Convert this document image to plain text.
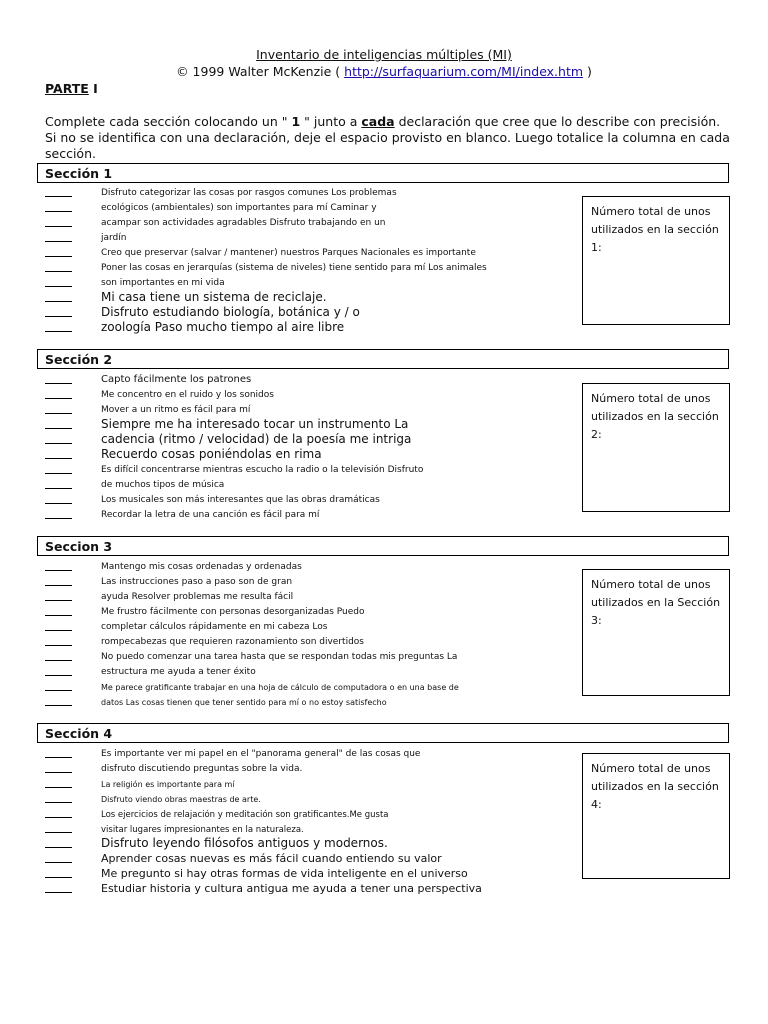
Inventario de inteligencias múltiples (MI)
© 1999 Walter McKenzie ( http://surfaquarium.com/MI/index.htm )
PARTE I
Complete cada sección colocando un " 1 " junto a cada declaración que cree que lo describe con precisión. Si no se identifica con una declaración, deje el espacio provisto en blanco. Luego totalice la columna en cada sección.
Sección 1
Número total de unos utilizados en la sección 1:
Disfruto categorizar las cosas por rasgos comunes Los problemas
ecológicos (ambientales) son importantes para mí Caminar y
acampar son actividades agradables Disfruto trabajando en un
jardín
Creo que preservar (salvar / mantener) nuestros Parques Nacionales es importante
Poner las cosas en jerarquías (sistema de niveles) tiene sentido para mí Los animales
son importantes en mi vida
Mi casa tiene un sistema de reciclaje.
Disfruto estudiando biología, botánica y / o
zoología Paso mucho tiempo al aire libre
Sección 2
Número total de unos utilizados en la sección 2:
Capto fácilmente los patrones
Me concentro en el ruido y los sonidos
Mover a un ritmo es fácil para mí
Siempre me ha interesado tocar un instrumento La
cadencia (ritmo / velocidad) de la poesía me intriga
Recuerdo cosas poniéndolas en rima
Es difícil concentrarse mientras escucho la radio o la televisión Disfruto
de muchos tipos de música
Los musicales son más interesantes que las obras dramáticas
Recordar la letra de una canción es fácil para mí
Seccion 3
Número total de unos utilizados en la Sección 3:
Mantengo mis cosas ordenadas y ordenadas
Las instrucciones paso a paso son de gran
ayuda Resolver problemas me resulta fácil
Me frustro fácilmente con personas desorganizadas Puedo
completar cálculos rápidamente en mi cabeza Los
rompecabezas que requieren razonamiento son divertidos
No puedo comenzar una tarea hasta que se respondan todas mis preguntas La
estructura me ayuda a tener éxito
Me parece gratificante trabajar en una hoja de cálculo de computadora o en una base de
datos Las cosas tienen que tener sentido para mí o no estoy satisfecho
Sección 4
Número total de unos utilizados en la sección 4:
Es importante ver mi papel en el "panorama general" de las cosas que
disfruto discutiendo preguntas sobre la vida.
La religión es importante para mí
Disfruto viendo obras maestras de arte.
Los ejercicios de relajación y meditación son gratificantes.Me gusta
visitar lugares impresionantes en la naturaleza.
Disfruto leyendo filósofos antiguos y modernos.
Aprender cosas nuevas es más fácil cuando entiendo su valor
Me pregunto si hay otras formas de vida inteligente en el universo
Estudiar historia y cultura antigua me ayuda a tener una perspectiva
